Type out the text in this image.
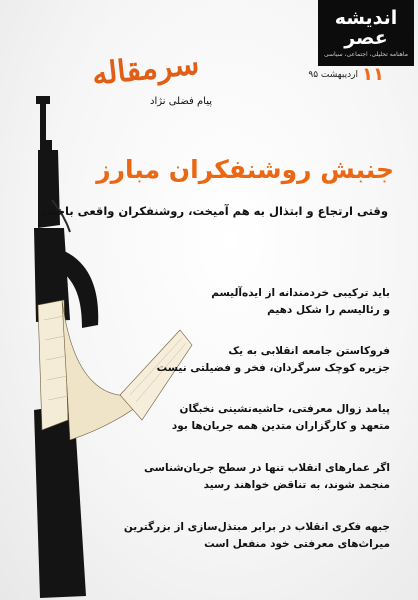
اندیشه عصر
ماهنامه تحلیلی، اجتماعی، سیاسی
۱۱
اردیبهشت ۹۵
سرمقاله
پیام فضلی نژاد
جنبش روشنفکران مبارز
وقتی ارتجاع و ابتذال به هم آمیخت، روشنفکران واقعی باختند
باید ترکیبی خردمندانه از ایده‌آلیسم
و رئالیسم را شکل دهیم
فروکاستن جامعه انقلابی به یک
جزیره کوچک سرگردان، فخر و فضیلتی نیست
پیامد زوال معرفتی، حاشیه‌نشینی نخبگان
متعهد و کارگزاران متدین همه جریان‌ها بود
اگر عمارهای انقلاب تنها در سطح جریان‌شناسی
منجمد شوند، به تناقض خواهند رسید
جبهه فکری انقلاب در برابر مبتذل‌سازی از بزرگترین
میراث‌های معرفتی خود منفعل است
